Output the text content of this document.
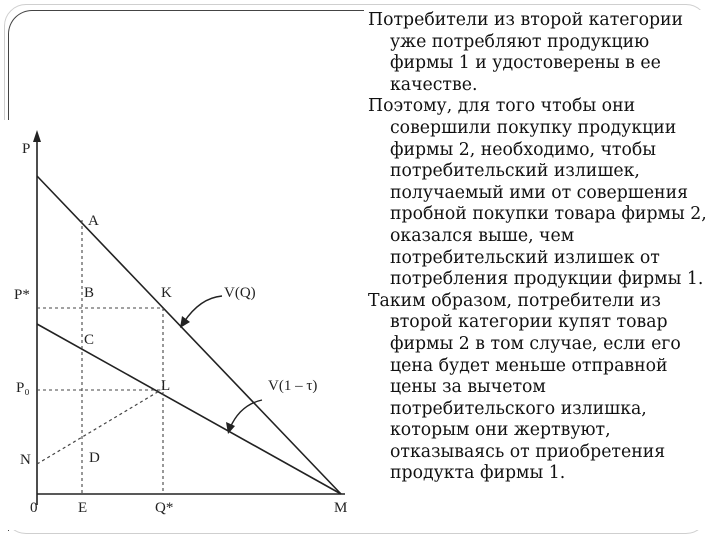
P
P*
P₀
N
0	E	Q*	M
A
B	K
C
L
D
V(Q)
V(1 – τ)

Потребители из второй категории уже потребляют продукцию фирмы 1 и удостоверены в ее качестве.

Поэтому, для того чтобы они совершили покупку продукции фирмы 2, необходимо, чтобы потребительский излишек, получаемый ими от совершения пробной покупки товара фирмы 2, оказался выше, чем потребительский излишек от потребления продукции фирмы 1.

Таким образом, потребители из второй категории купят товар фирмы 2 в том случае, если его цена будет меньше отправной цены за вычетом потребительского излишка, которым они жертвуют, отказываясь от приобретения продукта фирмы 1.
